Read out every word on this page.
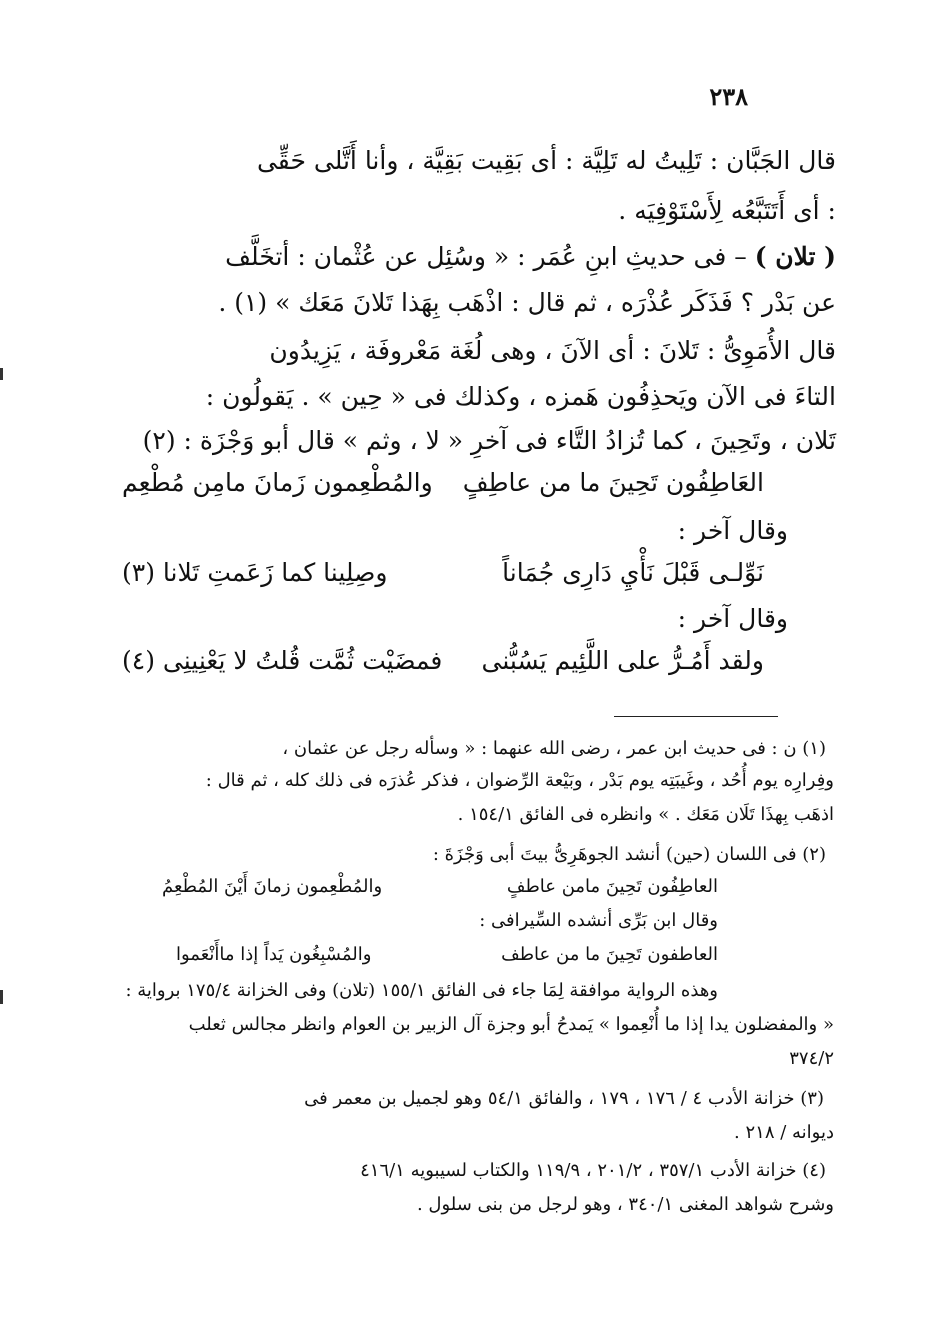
٢٣٨
قال الجَبَّان : تَلِيتُ له تَلِيَّة : أى بَقِيت بَقِيَّة ، وأنا أَتَّلى حَقِّى
: أى أَتَتَبَّعُه لِأَسْتَوْفِيَه .
( تلان ) – فى حديثِ ابنِ عُمَر : « وسُئِل عن عُثْمان : أتخَلَّف
عن بَدْر ؟ فَذَكَر عُذْرَه ، ثم قال : اذْهَب بِهَذا تَلانَ مَعَك » (١) .
قال الأُمَوِىُّ : تَلانَ : أى الآنَ ، وهى لُغَة مَعْروفَة ، يَزِيدُون
التاءَ فى الآن ويَحذِفُون هَمزه ، وكذلك فى « حِين » . يَقولُون :
تَلان ، وتَحِينَ ، كما تُزادُ التَّاء فى آخرِ « لا ، وثم » قال أبو وَجْزَة : (٢)
العَاطِفُون تَحِينَ ما من عاطِفٍ
والمُطْعِمون زَمانَ مامِن مُطْعِم
وقال آخر :
نَوِّلـى قَبْلَ نَأْيِ دَارِى جُمَاناً
وصِلِينا كما زَعَمتِ تَلانا (٣)
وقال آخر :
ولقد أَمُـرُّ على اللَّئِيم يَسُبُّنى
فمضَيْت ثُمَّت قُلتُ لا يَعْنِينِى (٤)
(١) ن : فى حديث ابن عمر ، رضى الله عنهما : « وسأله رجل عن عثمان ،
وفِرارِه يوم أُحُد ، وغَيبَتِه يوم بَدْر ، وبَيْعة الرِّضوان ، فذكر عُذرَه فى ذلك كله ، ثم قال :
اذهَب بِهذَا تَلَان مَعَك . » وانظره فى الفائق ١٥٤/١ .
(٢) فى اللسان (حين) أنشد الجوهَرِىُّ بيتَ أبى وَجْزَةَ :
العاطِفُون تَحِينَ مامن عاطفٍ
والمُطْعِمون زمانَ أَيْنَ المُطْعِمُ
وقال ابن بَرِّى أنشده السِّيرافى :
العاطفون تَحِينَ ما من عاطف
والمُسْبِغُون يَداً إذا ماأَنْعَموا
وهذه الرواية موافقة لِمَا جاء فى الفائق ١٥٥/١ (تلان) وفى الخزانة ١٧٥/٤ برواية :
« والمفضلون يدا إذا ما أُنْعِموا » يَمدحُ أبو وجزة آل الزبير بن العوام وانظر مجالس ثعلب
٣٧٤/٢
(٣) خزانة الأدب ٤ / ١٧٦ ، ١٧٩ ، والفائق ٥٤/١ وهو لجميل بن معمر فى
ديوانه / ٢١٨ .
(٤) خزانة الأدب ٣٥٧/١ ، ٢٠١/٢ ، ١١٩/٩ والكتاب لسيبويه ٤١٦/١
وشرح شواهد المغنى ٣٤٠/١ ، وهو لرجل من بنى سلول .
